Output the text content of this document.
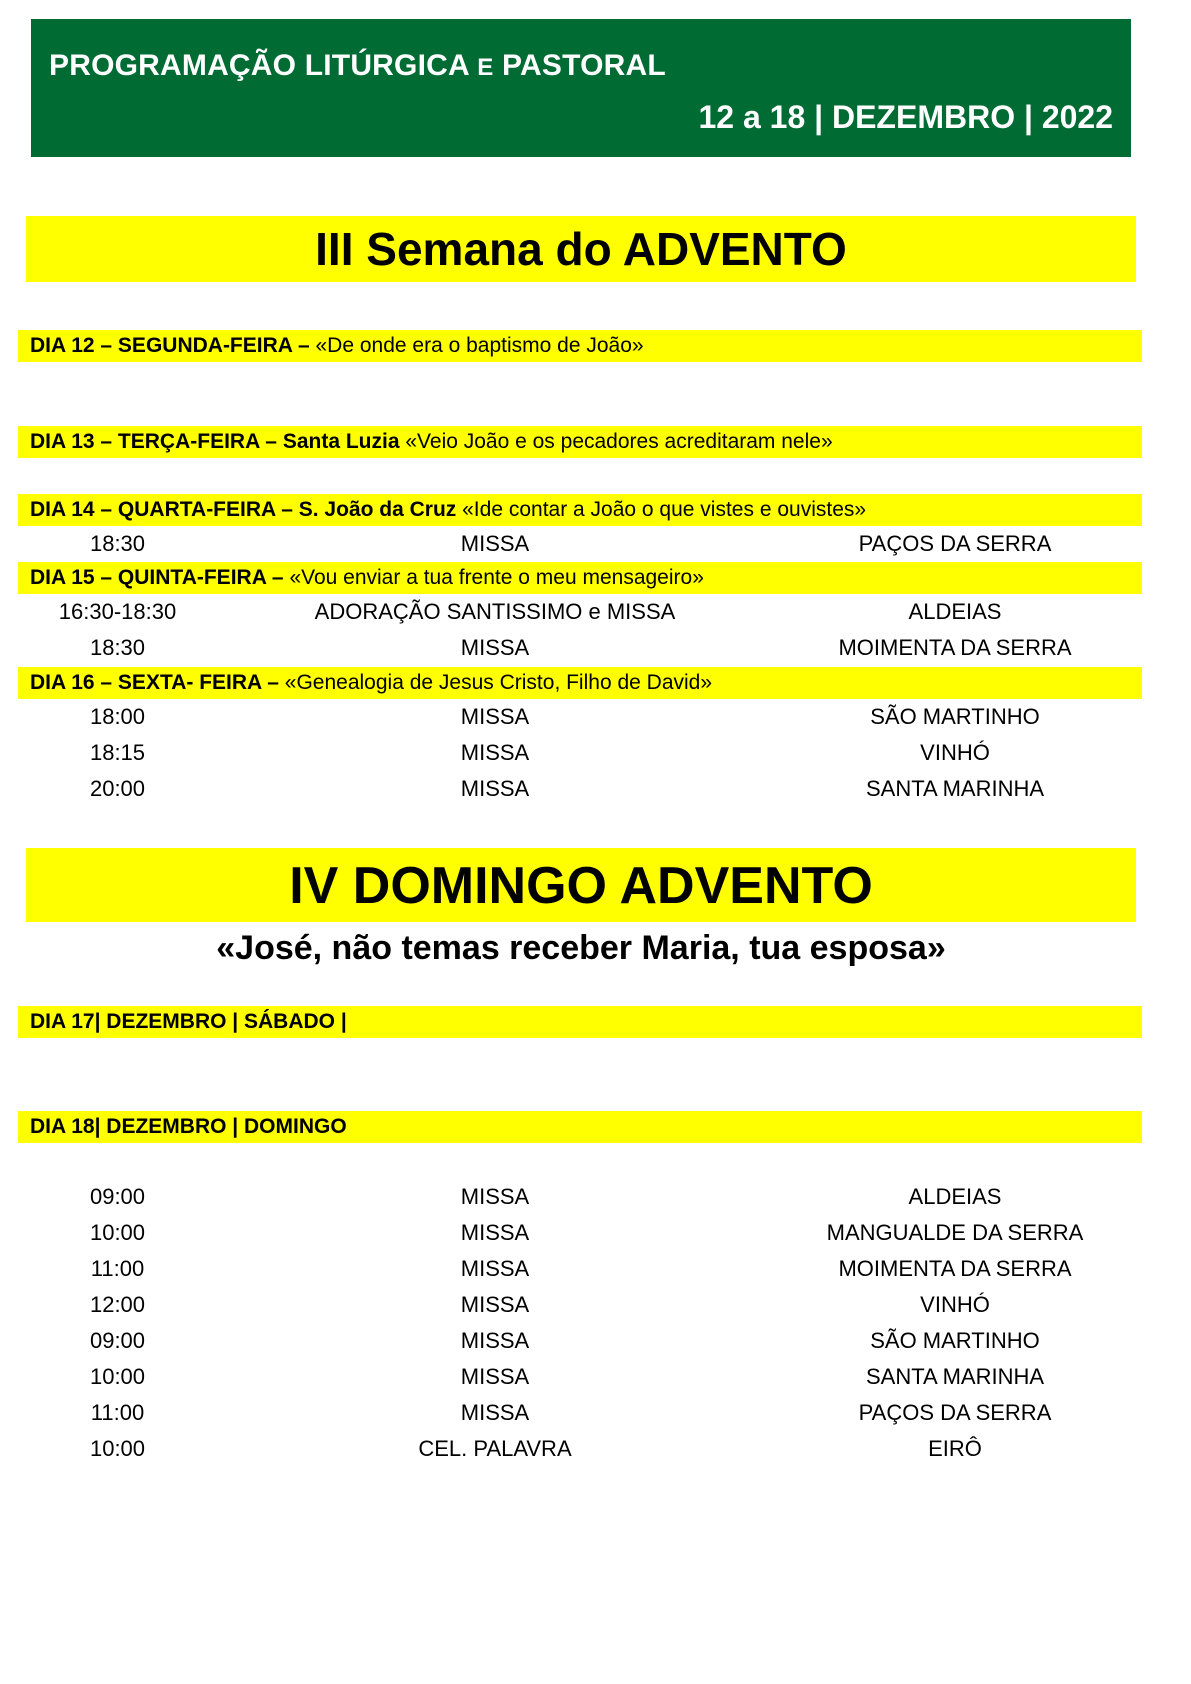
PROGRAMAÇÃO LITÚRGICA E PASTORAL
12 a 18 | DEZEMBRO | 2022
III Semana do ADVENTO
DIA 12 – SEGUNDA-FEIRA – «De onde era o baptismo de João»
DIA 13 – TERÇA-FEIRA – Santa Luzia «Veio João e os pecadores acreditaram nele»
DIA 14 – QUARTA-FEIRA – S. João da Cruz «Ide contar a João o que vistes e ouvistes»
18:30	MISSA	PAÇOS DA SERRA
DIA 15 – QUINTA-FEIRA – «Vou enviar a tua frente o meu mensageiro»
16:30-18:30	ADORAÇÃO SANTISSIMO e MISSA	ALDEIAS
18:30	MISSA	MOIMENTA DA SERRA
DIA 16 – SEXTA- FEIRA – «Genealogia de Jesus Cristo, Filho de David»
18:00	MISSA	SÃO MARTINHO
18:15	MISSA	VINHÓ
20:00	MISSA	SANTA MARINHA
IV DOMINGO ADVENTO
«José, não temas receber Maria, tua esposa»
DIA 17| DEZEMBRO | SÁBADO |
DIA 18| DEZEMBRO | DOMINGO
09:00	MISSA	ALDEIAS
10:00	MISSA	MANGUALDE DA SERRA
11:00	MISSA	MOIMENTA DA SERRA
12:00	MISSA	VINHÓ
09:00	MISSA	SÃO MARTINHO
10:00	MISSA	SANTA MARINHA
11:00	MISSA	PAÇOS DA SERRA
10:00	CEL. PALAVRA	EIRÔ
